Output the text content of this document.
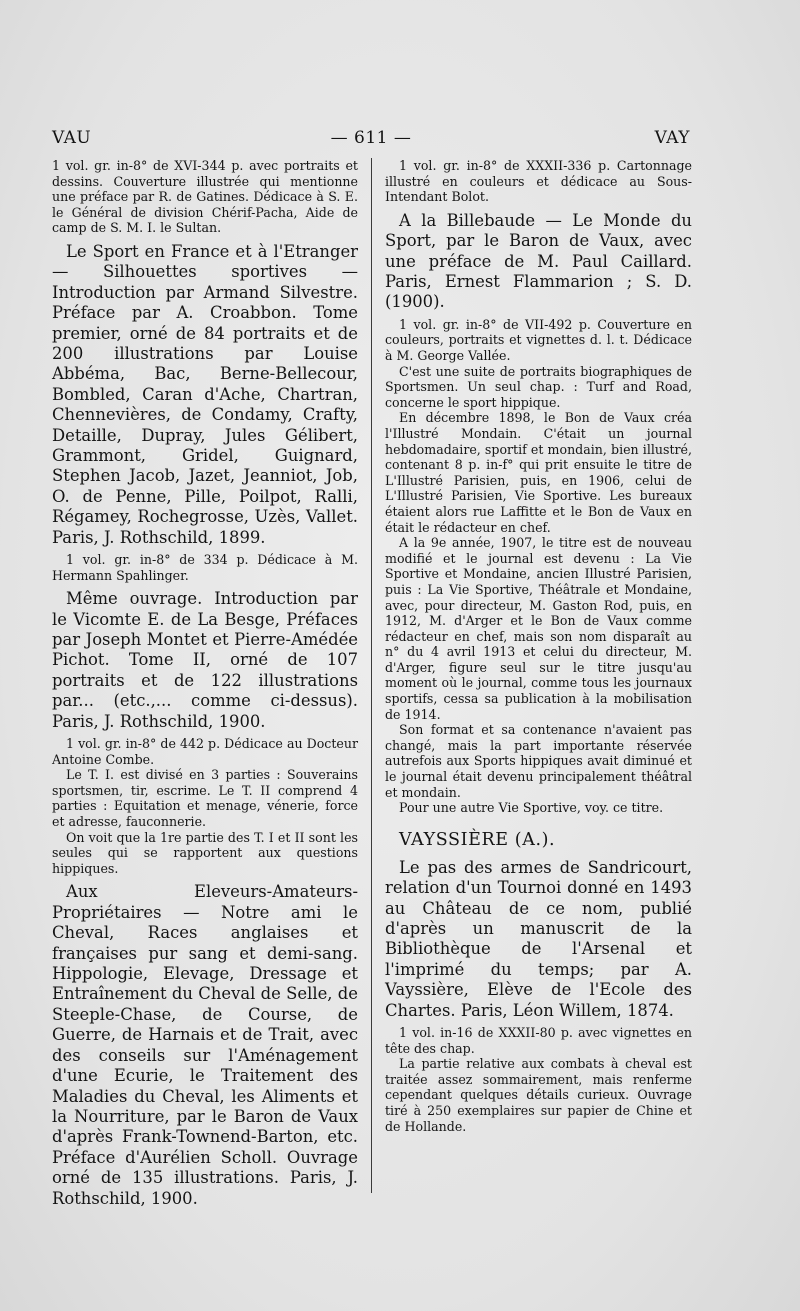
VAU	— 611 —	VAY

1 vol. gr. in-8° de XVI-344 p. avec portraits et dessins. Couverture illustrée qui mentionne une préface par R. de Gatines. Dédicace à S. E. le Général de division Chérif-Pacha, Aide de camp de S. M. I. le Sultan.

Le Sport en France et à l'Etranger — Silhouettes sportives — Introduction par Armand Silvestre. Préface par A. Croabbon. Tome premier, orné de 84 portraits et de 200 illustrations par Louise Abbéma, Bac, Berne-Bellecour, Bombled, Caran d'Ache, Chartran, Chennevières, de Condamy, Crafty, Detaille, Dupray, Jules Gélibert, Grammont, Gridel, Guignard, Stephen Jacob, Jazet, Jeanniot, Job, O. de Penne, Pille, Poilpot, Ralli, Régamey, Rochegrosse, Uzès, Vallet. Paris, J. Rothschild, 1899.

1 vol. gr. in-8° de 334 p. Dédicace à M. Hermann Spahlinger.

Même ouvrage. Introduction par le Vicomte E. de La Besge, Préfaces par Joseph Montet et Pierre-Amédée Pichot. Tome II, orné de 107 portraits et de 122 illustrations par... (etc.,... comme ci-dessus). Paris, J. Rothschild, 1900.

1 vol. gr. in-8° de 442 p. Dédicace au Docteur Antoine Combe.

Le T. I. est divisé en 3 parties : Souverains sportsmen, tir, escrime. Le T. II comprend 4 parties : Equitation et menage, vénerie, force et adresse, fauconnerie.

On voit que la 1re partie des T. I et II sont les seules qui se rapportent aux questions hippiques.

Aux Eleveurs-Amateurs-Propriétaires — Notre ami le Cheval, Races anglaises et françaises pur sang et demi-sang. Hippologie, Elevage, Dressage et Entraînement du Cheval de Selle, de Steeple-Chase, de Course, de Guerre, de Harnais et de Trait, avec des conseils sur l'Aménagement d'une Ecurie, le Traitement des Maladies du Cheval, les Aliments et la Nourriture, par le Baron de Vaux d'après Frank-Townend-Barton, etc. Préface d'Aurélien Scholl. Ouvrage orné de 135 illustrations. Paris, J. Rothschild, 1900.

1 vol. gr. in-8° de XXXII-336 p. Cartonnage illustré en couleurs et dédicace au Sous-Intendant Bolot.

A la Billebaude — Le Monde du Sport, par le Baron de Vaux, avec une préface de M. Paul Caillard. Paris, Ernest Flammarion ; S. D. (1900).

1 vol. gr. in-8° de VII-492 p. Couverture en couleurs, portraits et vignettes d. l. t. Dédicace à M. George Vallée.

C'est une suite de portraits biographiques de Sportsmen. Un seul chap. : Turf and Road, concerne le sport hippique.

En décembre 1898, le Bon de Vaux créa l'Illustré Mondain. C'était un journal hebdomadaire, sportif et mondain, bien illustré, contenant 8 p. in-f° qui prit ensuite le titre de L'Illustré Parisien, puis, en 1906, celui de L'Illustré Parisien, Vie Sportive. Les bureaux étaient alors rue Laffitte et le Bon de Vaux en était le rédacteur en chef.

A la 9e année, 1907, le titre est de nouveau modifié et le journal est devenu : La Vie Sportive et Mondaine, ancien Illustré Parisien, puis : La Vie Sportive, Théâtrale et Mondaine, avec, pour directeur, M. Gaston Rod, puis, en 1912, M. d'Arger et le Bon de Vaux comme rédacteur en chef, mais son nom disparaît au n° du 4 avril 1913 et celui du directeur, M. d'Arger, figure seul sur le titre jusqu'au moment où le journal, comme tous les journaux sportifs, cessa sa publication à la mobilisation de 1914.

Son format et sa contenance n'avaient pas changé, mais la part importante réservée autrefois aux Sports hippiques avait diminué et le journal était devenu principalement théâtral et mondain.

Pour une autre Vie Sportive, voy. ce titre.

VAYSSIÈRE (A.).

Le pas des armes de Sandricourt, relation d'un Tournoi donné en 1493 au Château de ce nom, publié d'après un manuscrit de la Bibliothèque de l'Arsenal et l'imprimé du temps; par A. Vayssière, Elève de l'Ecole des Chartes. Paris, Léon Willem, 1874.

1 vol. in-16 de XXXII-80 p. avec vignettes en tête des chap.

La partie relative aux combats à cheval est traitée assez sommairement, mais renferme cependant quelques détails curieux. Ouvrage tiré à 250 exemplaires sur papier de Chine et de Hollande.
